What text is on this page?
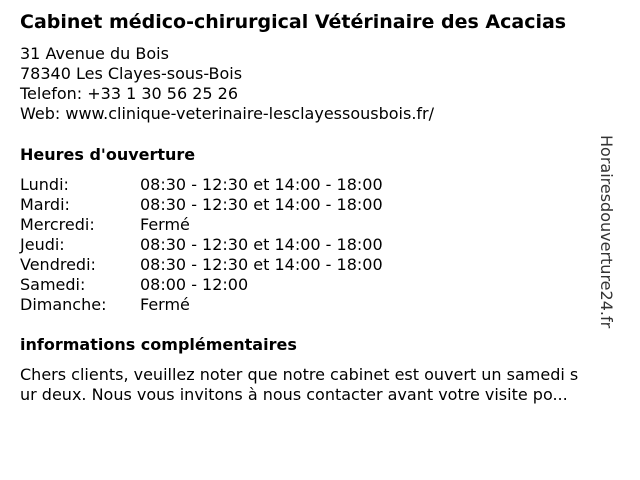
Cabinet médico-chirurgical Vétérinaire des Acacias
31 Avenue du Bois
78340 Les Clayes-sous-Bois
Telefon: +33 1 30 56 25 26
Web: www.clinique-veterinaire-lesclayessousbois.fr/
Heures d'ouverture
Lundi:	08:30 - 12:30 et 14:00 - 18:00
Mardi:	08:30 - 12:30 et 14:00 - 18:00
Mercredi:	Fermé
Jeudi:	08:30 - 12:30 et 14:00 - 18:00
Vendredi:	08:30 - 12:30 et 14:00 - 18:00
Samedi:	08:00 - 12:00
Dimanche:	Fermé
informations complémentaires
Chers clients, veuillez noter que notre cabinet est ouvert un samedi s
ur deux. Nous vous invitons à nous contacter avant votre visite po...
Horairesdouverture24.fr
